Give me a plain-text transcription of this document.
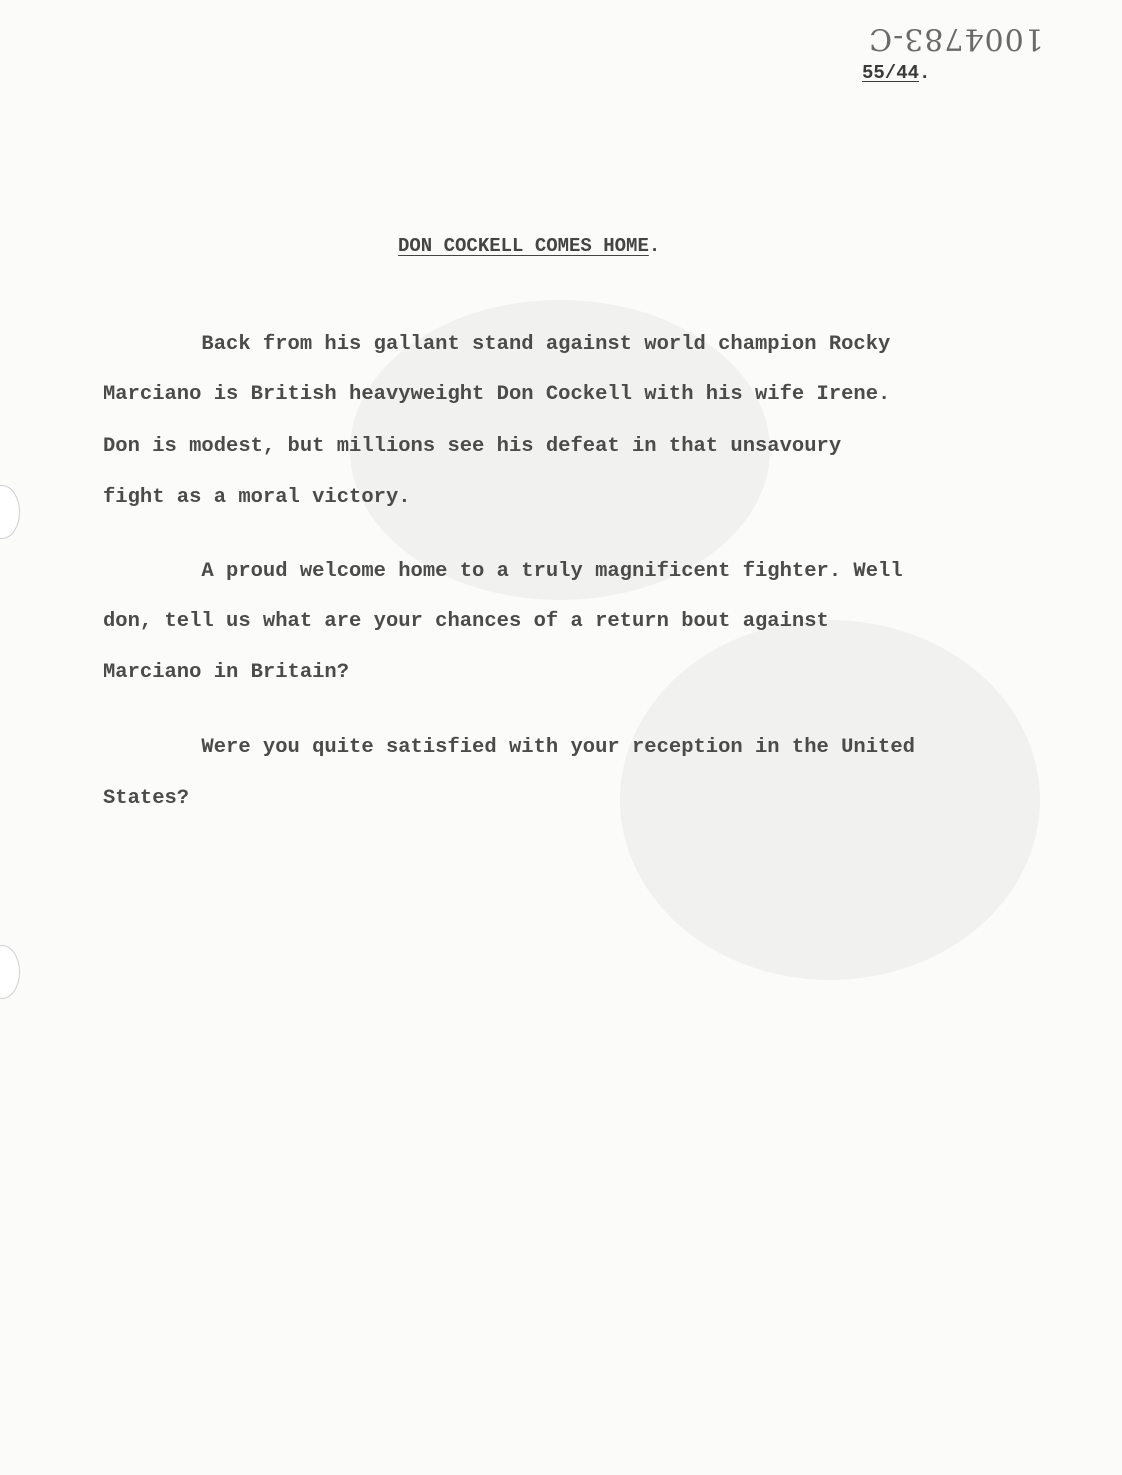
1004783-C
55/44.
DON COCKELL COMES HOME.
Back from his gallant stand against world champion Rocky
Marciano is British heavyweight Don Cockell with his wife Irene.
Don is modest, but millions see his defeat in that unsavoury
fight as a moral victory.
A proud welcome home to a truly magnificent fighter. Well
don, tell us what are your chances of a return bout against
Marciano in Britain?
Were you quite satisfied with your reception in the United
States?
